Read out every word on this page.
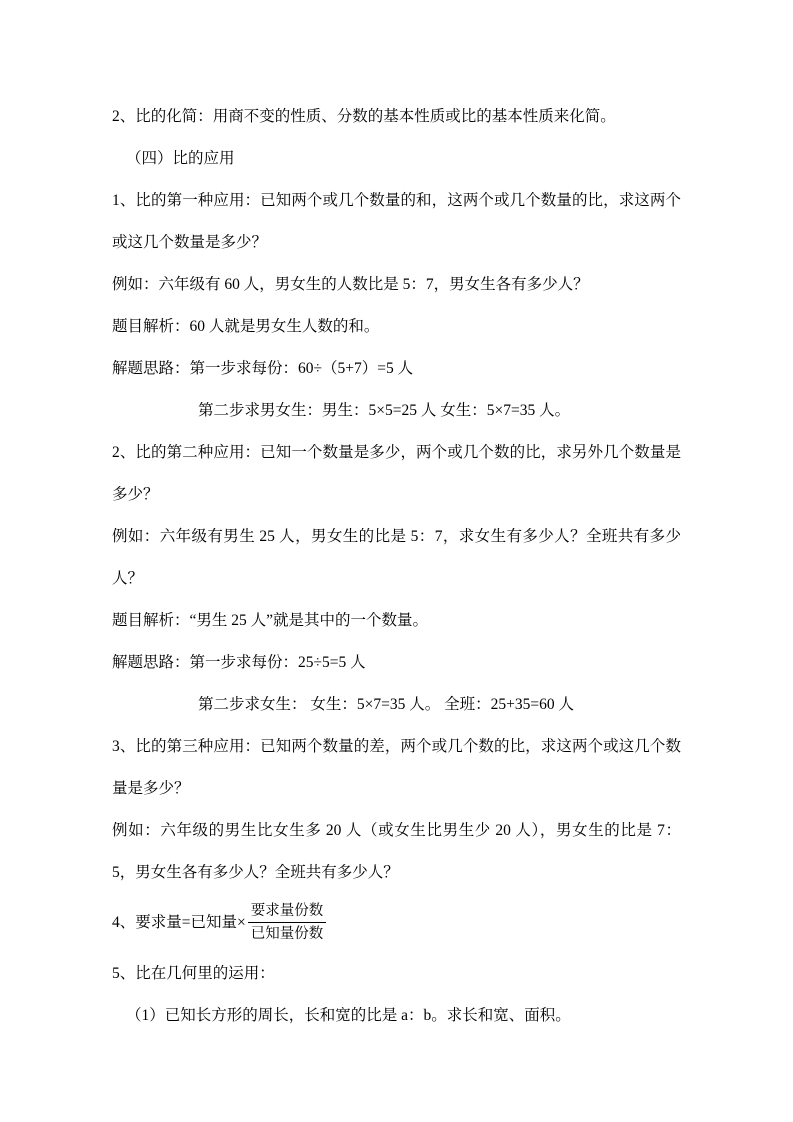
2、比的化简：用商不变的性质、分数的基本性质或比的基本性质来化简。

（四）比的应用

1、比的第一种应用：已知两个或几个数量的和，这两个或几个数量的比，求这两个或这几个数量是多少？

例如：六年级有 60 人，男女生的人数比是 5：7，男女生各有多少人？

题目解析：60 人就是男女生人数的和。

解题思路：第一步求每份：60÷（5+7）=5 人

第二步求男女生：男生：5×5=25 人 女生：5×7=35 人。

2、比的第二种应用：已知一个数量是多少，两个或几个数的比，求另外几个数量是多少？

例如：六年级有男生 25 人，男女生的比是 5：7，求女生有多少人？全班共有多少人？

题目解析：“男生 25 人”就是其中的一个数量。

解题思路：第一步求每份：25÷5=5 人

第二步求女生： 女生：5×7=35 人。 全班：25+35=60 人

3、比的第三种应用：已知两个数量的差，两个或几个数的比，求这两个或这几个数量是多少？

例如：六年级的男生比女生多 20 人（或女生比男生少 20 人），男女生的比是 7：5，男女生各有多少人？全班共有多少人？

4、要求量=已知量× $\frac{\text{要求量份数}}{\text{已知量份数}}$

5、比在几何里的运用：

（1）已知长方形的周长，长和宽的比是 a：b。求长和宽、面积。
